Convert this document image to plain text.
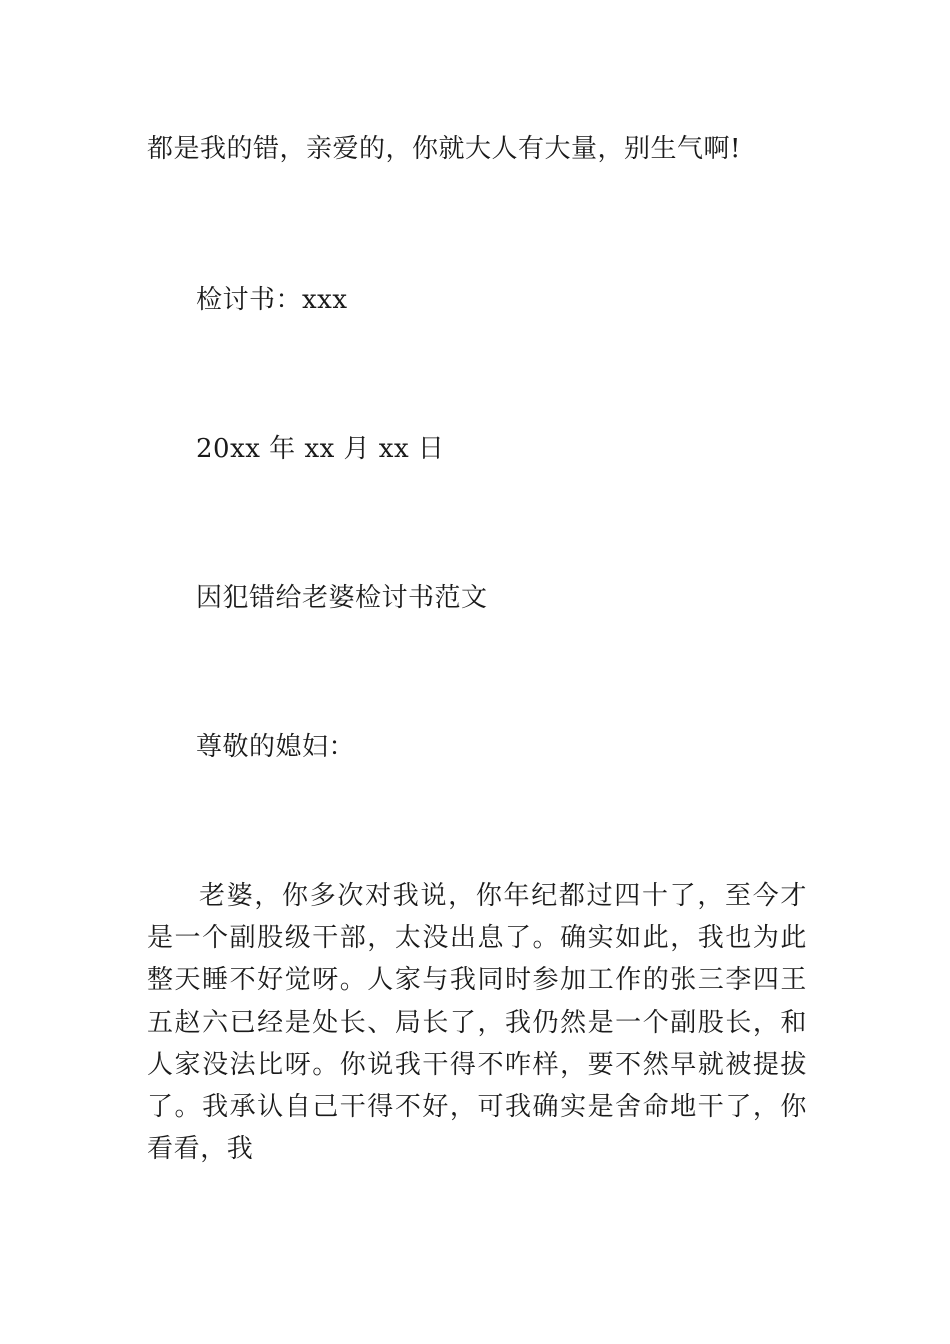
都是我的错，亲爱的，你就大人有大量，别生气啊!
检讨书：xxx
20xx 年 xx 月 xx 日
因犯错给老婆检讨书范文
尊敬的媳妇：

老婆，你多次对我说，你年纪都过四十了，至今才是一个副股级干部，太没出息了。确实如此，我也为此整天睡不好觉呀。人家与我同时参加工作的张三李四王五赵六已经是处长、局长了，我仍然是一个副股长，和人家没法比呀。你说我干得不咋样，要不然早就被提拔了。我承认自己干得不好，可我确实是舍命地干了，你看看，我
